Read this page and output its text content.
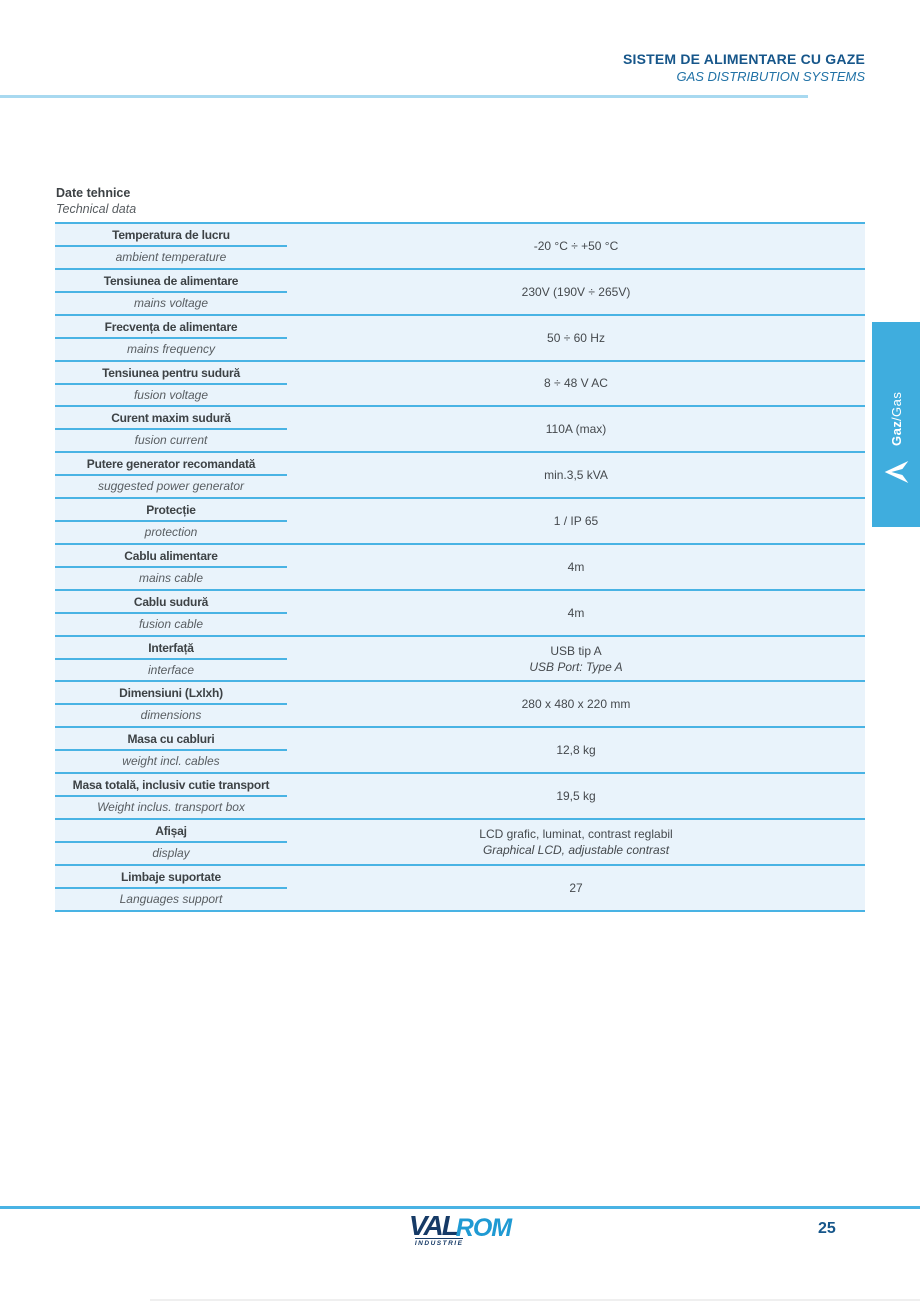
SISTEM DE ALIMENTARE CU GAZE
GAS DISTRIBUTION SYSTEMS
Date tehnice
Technical data
Temperatura de lucru
ambient temperature
-20 °C ÷ +50 °C
Tensiunea de alimentare
mains voltage
230V (190V ÷ 265V)
Frecvența de alimentare
mains frequency
50 ÷ 60 Hz
Tensiunea pentru sudură
fusion voltage
8 ÷ 48 V AC
Curent maxim sudură
fusion current
110A (max)
Putere generator recomandată
suggested power generator
min.3,5 kVA
Protecție
protection
1 / IP 65
Cablu alimentare
mains cable
4m
Cablu sudură
fusion cable
4m
Interfață
interface
USB tip A
USB Port: Type A
Dimensiuni (Lxlxh)
dimensions
280 x 480 x 220 mm
Masa cu cabluri
weight incl. cables
12,8 kg
Masa totală, inclusiv cutie transport
Weight inclus. transport box
19,5 kg
Afișaj
display
LCD grafic, luminat, contrast reglabil
Graphical LCD, adjustable contrast
Limbaje suportate
Languages support
27
Gaz
/
Gas
VAL ROM
INDUSTRIE
25
